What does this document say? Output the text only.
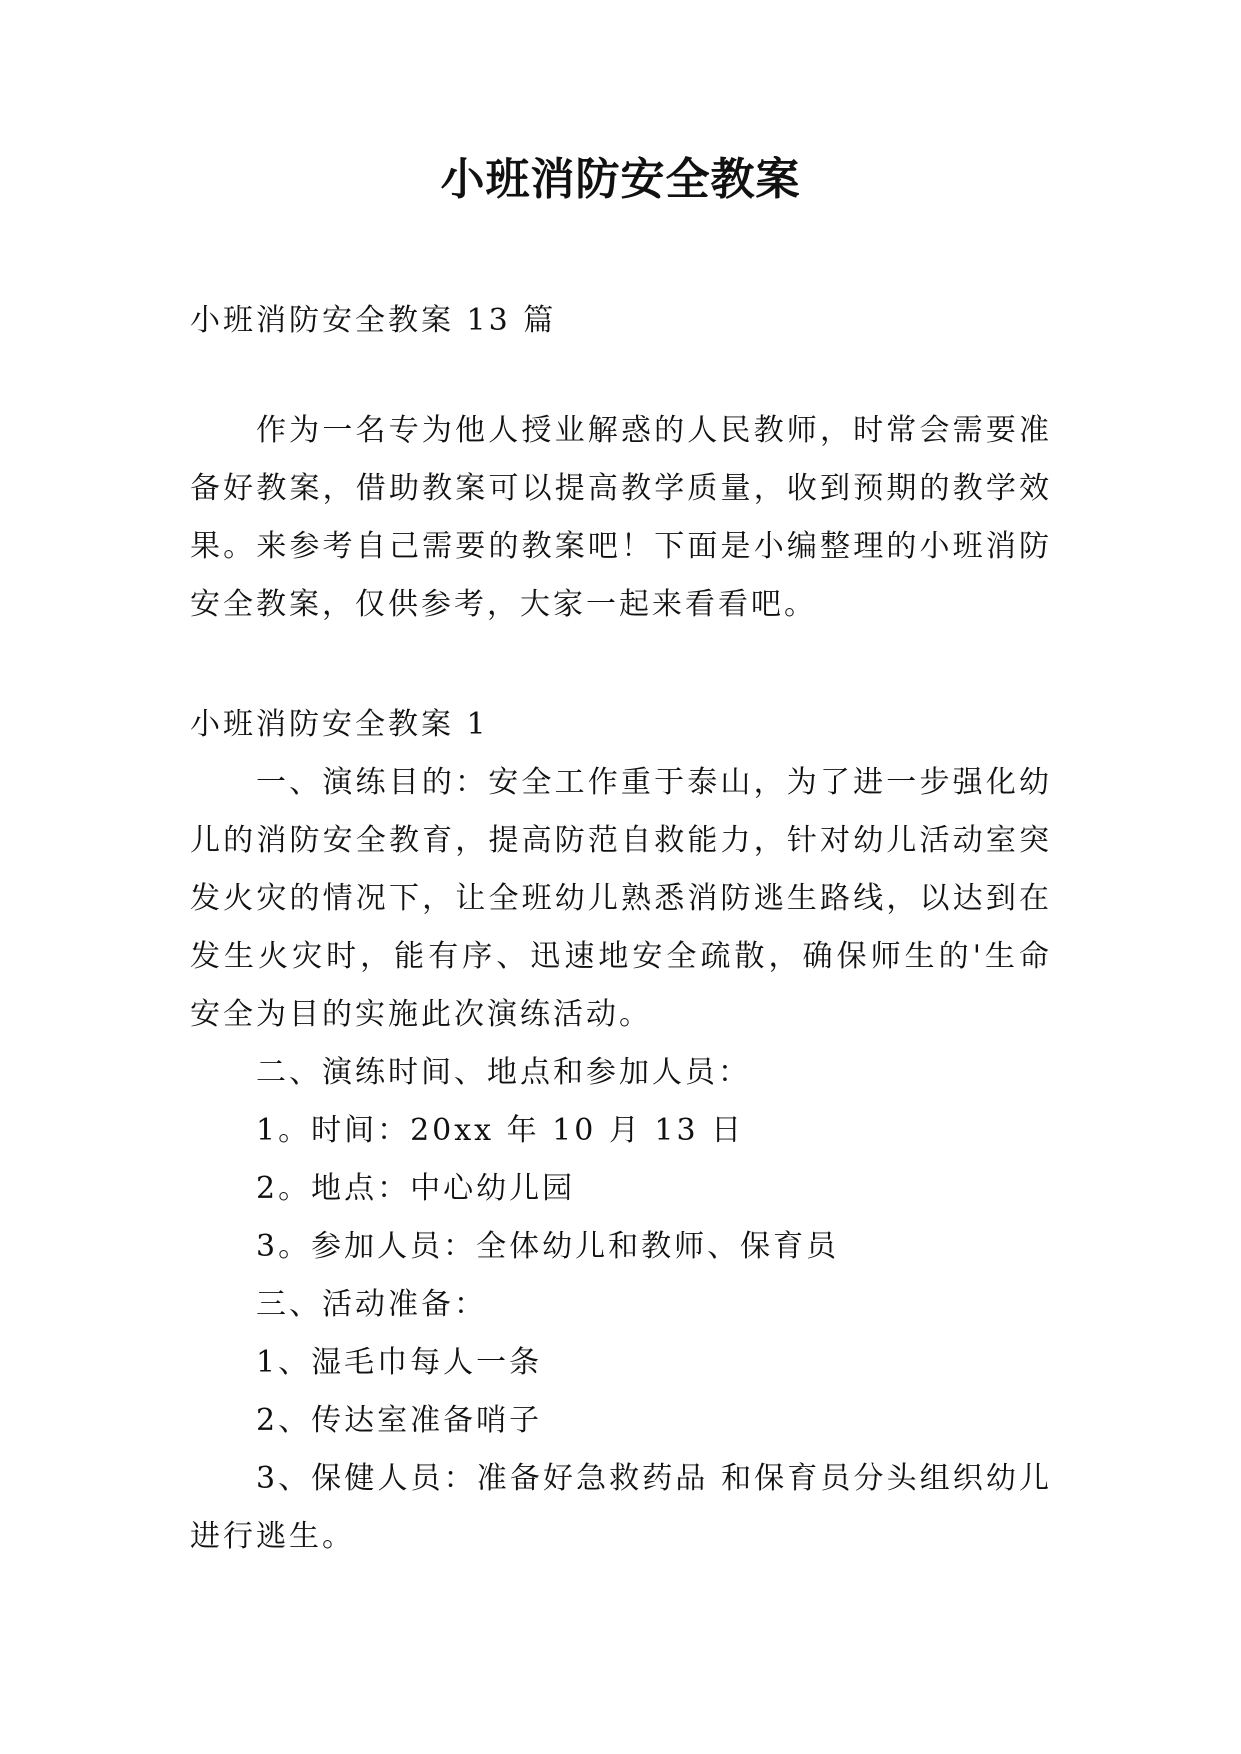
小班消防安全教案

小班消防安全教案 13 篇

作为一名专为他人授业解惑的人民教师，时常会需要准备好教案，借助教案可以提高教学质量，收到预期的教学效果。来参考自己需要的教案吧！下面是小编整理的小班消防安全教案，仅供参考，大家一起来看看吧。

小班消防安全教案 1

一、演练目的：安全工作重于泰山，为了进一步强化幼儿的消防安全教育，提高防范自救能力，针对幼儿活动室突发火灾的情况下，让全班幼儿熟悉消防逃生路线，以达到在发生火灾时，能有序、迅速地安全疏散，确保师生的'生命安全为目的实施此次演练活动。

二、演练时间、地点和参加人员：

1。时间：20xx 年 10 月 13 日

2。地点：中心幼儿园

3。参加人员：全体幼儿和教师、保育员

三、活动准备：

1、湿毛巾每人一条

2、传达室准备哨子

3、保健人员：准备好急救药品 和保育员分头组织幼儿进行逃生。
